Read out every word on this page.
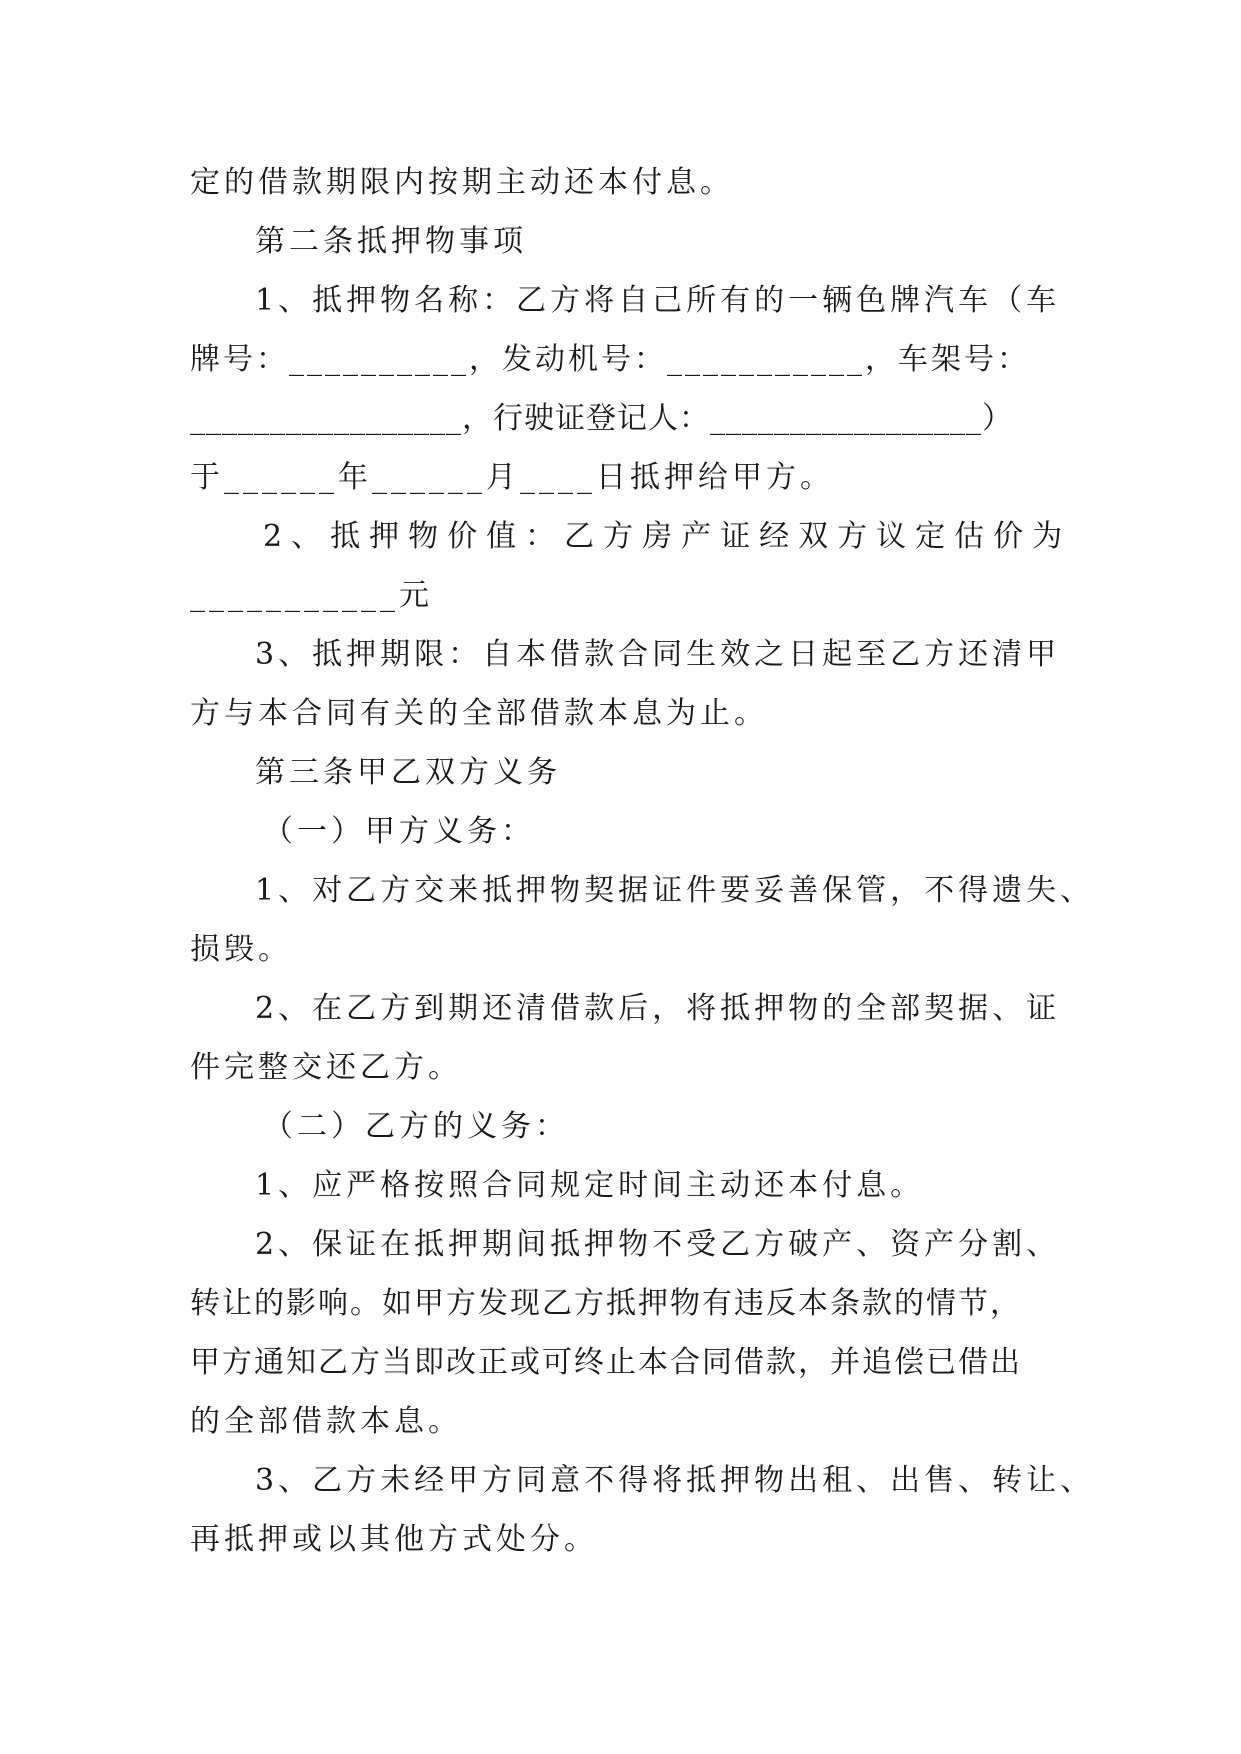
定的借款期限内按期主动还本付息。
第二条抵押物事项
1、抵押物名称：乙方将自己所有的一辆色牌汽车（车
牌号：__________，发动机号：___________，车架号：
_________________，行驶证登记人：_________________）
于______年______月____日抵押给甲方。
2、抵押物价值：乙方房产证经双方议定估价为
___________元
3、抵押期限：自本借款合同生效之日起至乙方还清甲
方与本合同有关的全部借款本息为止。
第三条甲乙双方义务
（一）甲方义务：
1、对乙方交来抵押物契据证件要妥善保管，不得遗失、
损毁。
2、在乙方到期还清借款后，将抵押物的全部契据、证
件完整交还乙方。
（二）乙方的义务：
1、应严格按照合同规定时间主动还本付息。
2、保证在抵押期间抵押物不受乙方破产、资产分割、
转让的影响。如甲方发现乙方抵押物有违反本条款的情节，
甲方通知乙方当即改正或可终止本合同借款，并追偿已借出
的全部借款本息。
3、乙方未经甲方同意不得将抵押物出租、出售、转让、
再抵押或以其他方式处分。
